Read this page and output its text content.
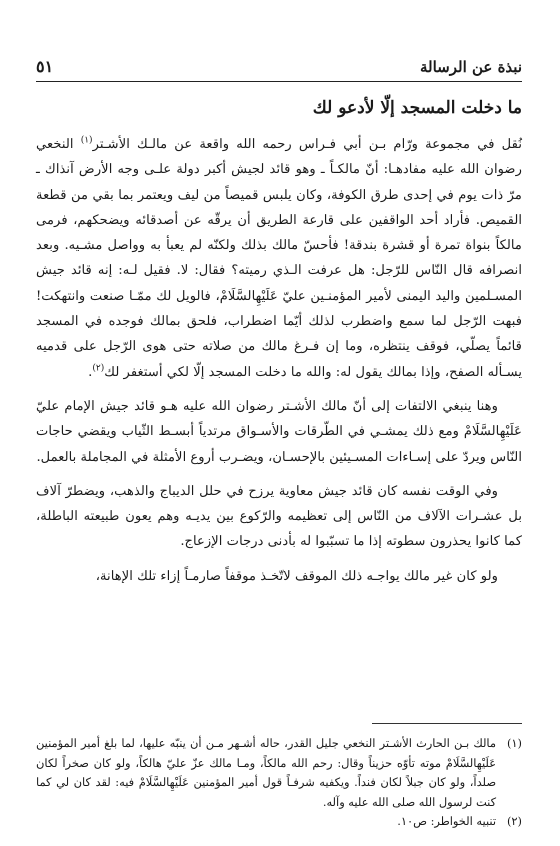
نبذة عن الرسالة
٥١
ما دخلت المسجد إلّا لأدعو لك

نُقل في مجموعة ورّام بـن أبي فـراس رحمه الله واقعة عن مالـك الأشـتر$^{(١)}$ النخعي رضوان الله عليه مفادهـا: أنّ مالكـاً ـ وهو قائد لجيش أكبر دولة علـى وجه الأرض آنذاك ـ مرّ ذات يوم في إحدى طرق الكوفة، وكان يلبس قميصاً من ليف ويعتمر بما بقي من قطعة القميص. فأراد أحد الواقفين على قارعة الطريق أن يرقّه عن أصدقائه ويضحكهم، فرمى مالكاً بنواة تمرة أو قشرة بندقة! فأحسّ مالك بذلك ولكنّه لم يعبأ به وواصل مشـيه. وبعد انصرافه قال النّاس للرّجل: هل عرفت الـذي رميته؟ فقال: لا. فقيل لـه: إنه قائد جيش المسـلمين واليد اليمنى لأمير المؤمنـين عليّ عَلَيْهِالسَّلَامْ، فالويل لك ممّـا صنعت وانتهكت! فبهت الرّجل لما سمع واضطرب لذلك أيّما اضطراب، فلحق بمالك فوجده في المسجد قائماً يصلّي، فوقف ينتظره، وما إن فـرغ مالك من صلاته حتى هوى الرّجل على قدميه يسـأله الصفح، وإذا بمالك يقول له: والله ما دخلت المسجد إلّا لكي أستغفر لك$^{(٢)}$.

وهنا ينبغي الالتفات إلى أنّ مالك الأشـتر رضوان الله عليه هـو قائد جيش الإمام عليّ عَلَيْهِالسَّلَامْ ومع ذلك يمشـي في الطّرقات والأسـواق مرتدياً أبسـط الثّياب ويقضي حاجات النّاس ويردّ على إسـاءات المسـيئين بالإحسـان، ويضـرب أروع الأمثلة في المجاملة بالعمل.

وفي الوقت نفسه كان قائد جيش معاوية يرزح في حلل الديباج والذهب، ويضطرّ آلاف بل عشـرات الآلاف من النّاس إلى تعظيمه والرّكوع بين يديـه وهم يعون طبيعته الباطلة، كما كانوا يحذرون سطوته إذا ما تسبّبوا له بأدنى درجات الإزعاج.

ولو كان غير مالك يواجـه ذلك الموقف لاتّخـذ موقفاً صارمـاً إزاء تلك الإهانة،

(١)
مالك بـن الحارث الأشـتر النخعي جليل القدر، حاله أشـهر مـن أن ينبّه عليها، لما بلغ أمير المؤمنين عَلَيْهِالسَّلَامْ موته تأوّه حزيناً وقال: رحم الله مالكاً، ومـا مالك عزّ عليّ هالكاً، ولو كان صخراً لكان صلداً، ولو كان جبلاً لكان فنداً. ويكفيه شرفـاً قول أمير المؤمنين عَلَيْهِالسَّلَامْ فيه: لقد كان لي كما كنت لرسول الله صلى الله عليه وآله.
(٢)
تنبيه الخواطر: ص١٠.
